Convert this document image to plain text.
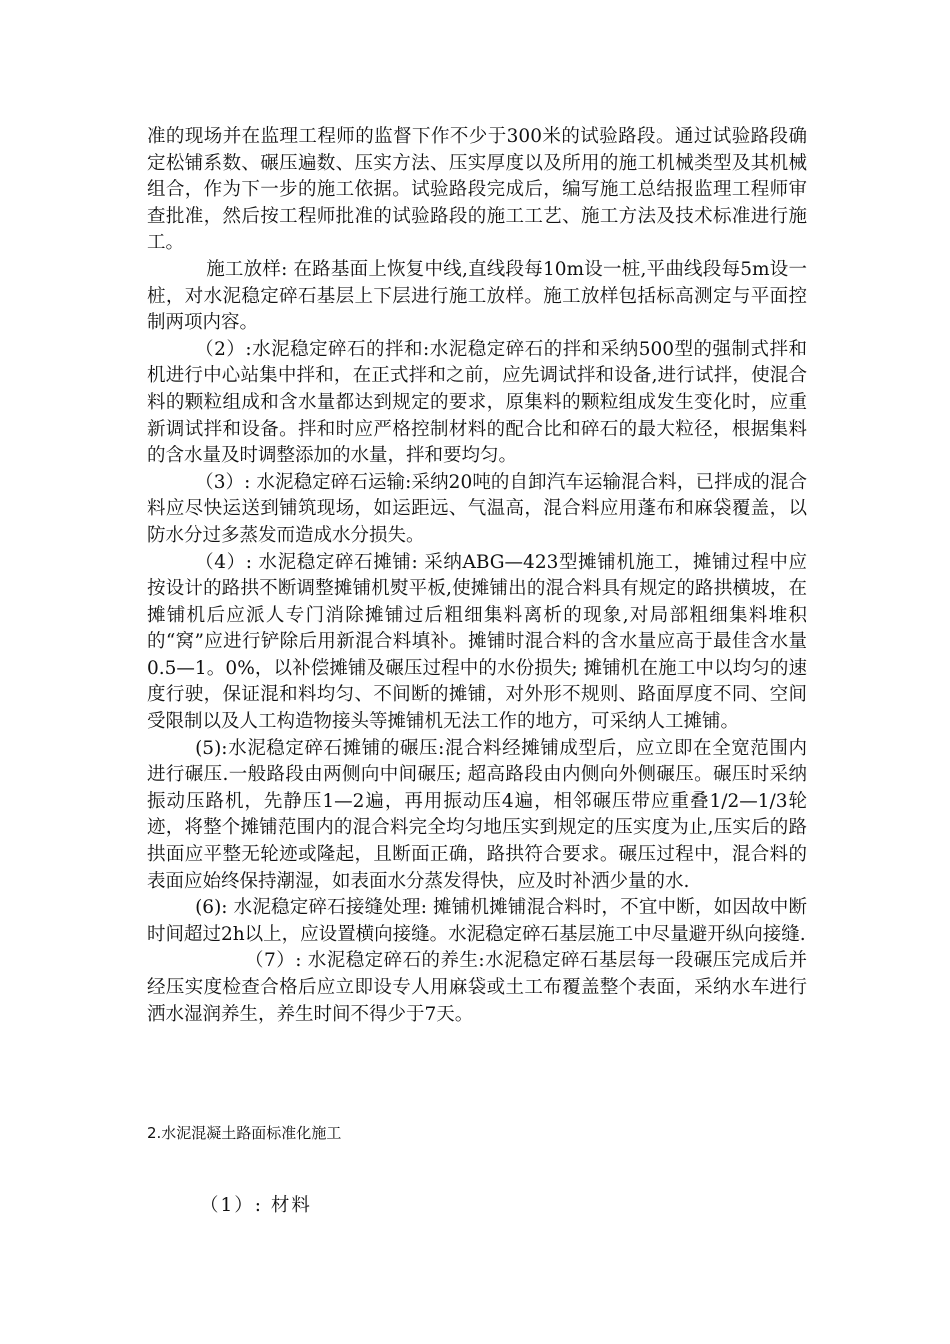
准的现场并在监理工程师的监督下作不少于300米的试验路段。通过试验路段确定松铺系数、碾压遍数、压实方法、压实厚度以及所用的施工机械类型及其机械组合，作为下一步的施工依据。试验路段完成后，编写施工总结报监理工程师审查批准，然后按工程师批准的试验路段的施工工艺、施工方法及技术标准进行施工。

施工放样: 在路基面上恢复中线,直线段每10m设一桩,平曲线段每5m设一桩，对水泥稳定碎石基层上下层进行施工放样。施工放样包括标高测定与平面控制两项内容。

（2）:水泥稳定碎石的拌和:水泥稳定碎石的拌和采纳500型的强制式拌和机进行中心站集中拌和，在正式拌和之前，应先调试拌和设备,进行试拌，使混合料的颗粒组成和含水量都达到规定的要求，原集料的颗粒组成发生变化时，应重新调试拌和设备。拌和时应严格控制材料的配合比和碎石的最大粒径，根据集料的含水量及时调整添加的水量，拌和要均匀。

（3）: 水泥稳定碎石运输:采纳20吨的自卸汽车运输混合料，已拌成的混合料应尽快运送到铺筑现场，如运距远、气温高，混合料应用蓬布和麻袋覆盖，以防水分过多蒸发而造成水分损失。

（4）: 水泥稳定碎石摊铺: 采纳ABG—423型摊铺机施工，摊铺过程中应按设计的路拱不断调整摊铺机熨平板,使摊铺出的混合料具有规定的路拱横坡，在摊铺机后应派人专门消除摊铺过后粗细集料离析的现象,对局部粗细集料堆积的“窝”应进行铲除后用新混合料填补。摊铺时混合料的含水量应高于最佳含水量0.5—1。0%，以补偿摊铺及碾压过程中的水份损失; 摊铺机在施工中以均匀的速度行驶，保证混和料均匀、不间断的摊铺，对外形不规则、路面厚度不同、空间受限制以及人工构造物接头等摊铺机无法工作的地方，可采纳人工摊铺。

(5):水泥稳定碎石摊铺的碾压:混合料经摊铺成型后，应立即在全宽范围内进行碾压.一般路段由两侧向中间碾压; 超高路段由内侧向外侧碾压。碾压时采纳振动压路机，先静压1—2遍，再用振动压4遍，相邻碾压带应重叠1/2—1/3轮迹，将整个摊铺范围内的混合料完全均匀地压实到规定的压实度为止,压实后的路拱面应平整无轮迹或隆起，且断面正确，路拱符合要求。碾压过程中，混合料的表面应始终保持潮湿，如表面水分蒸发得快，应及时补洒少量的水.

(6): 水泥稳定碎石接缝处理: 摊铺机摊铺混合料时，不宜中断，如因故中断时间超过2h以上，应设置横向接缝。水泥稳定碎石基层施工中尽量避开纵向接缝.

（7）: 水泥稳定碎石的养生:水泥稳定碎石基层每一段碾压完成后并经压实度检查合格后应立即设专人用麻袋或土工布覆盖整个表面，采纳水车进行洒水湿润养生，养生时间不得少于7天。

2.水泥混凝土路面标准化施工

（1）: 材料
